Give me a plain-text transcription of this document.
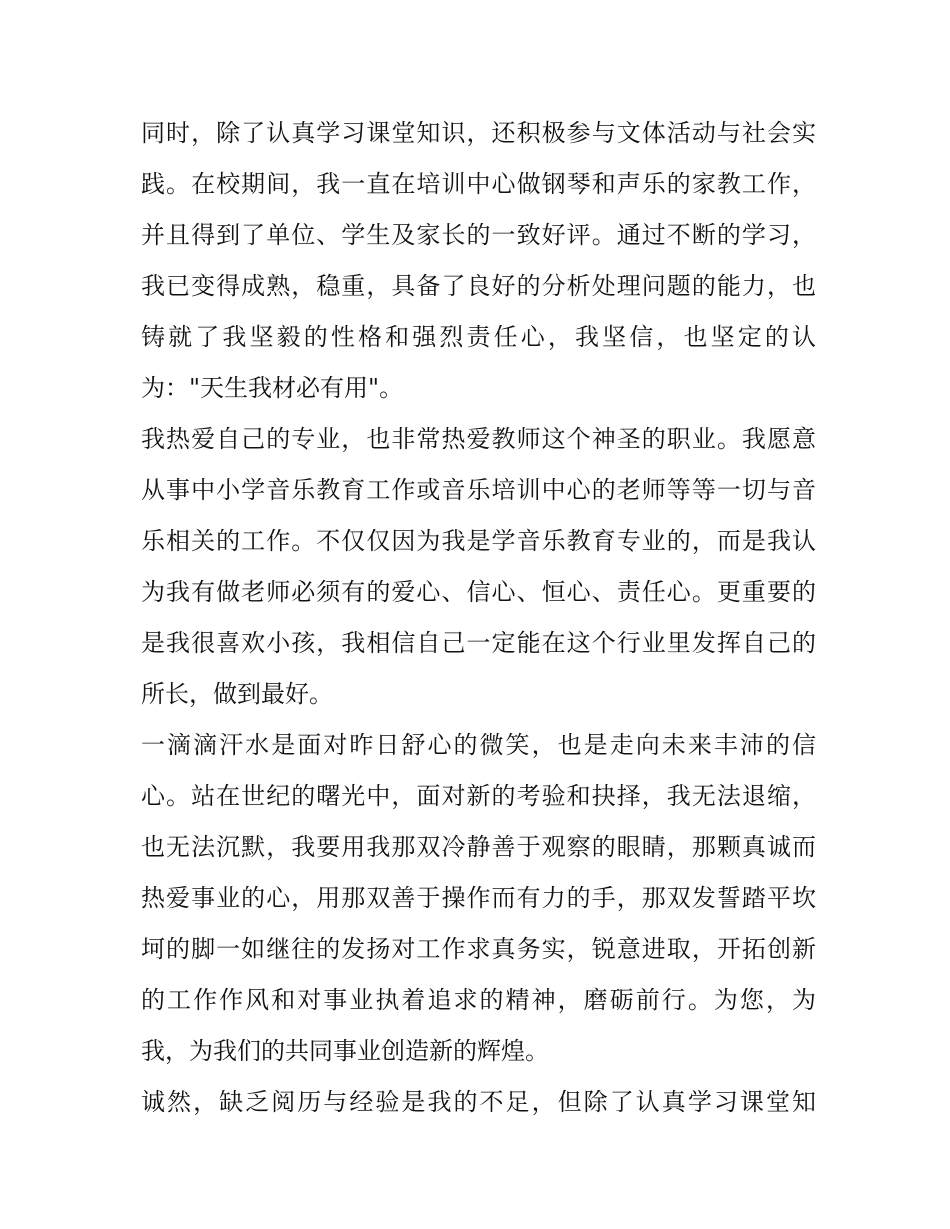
同时，除了认真学习课堂知识，还积极参与文体活动与社会实
践。在校期间，我一直在培训中心做钢琴和声乐的家教工作，
并且得到了单位、学生及家长的一致好评。通过不断的学习，
我已变得成熟，稳重，具备了良好的分析处理问题的能力，也
铸就了我坚毅的性格和强烈责任心，我坚信，也坚定的认
为："天生我材必有用"。
我热爱自己的专业，也非常热爱教师这个神圣的职业。我愿意
从事中小学音乐教育工作或音乐培训中心的老师等等一切与音
乐相关的工作。不仅仅因为我是学音乐教育专业的，而是我认
为我有做老师必须有的爱心、信心、恒心、责任心。更重要的
是我很喜欢小孩，我相信自己一定能在这个行业里发挥自己的
所长，做到最好。
一滴滴汗水是面对昨日舒心的微笑，也是走向未来丰沛的信
心。站在世纪的曙光中，面对新的考验和抉择，我无法退缩，
也无法沉默，我要用我那双冷静善于观察的眼睛，那颗真诚而
热爱事业的心，用那双善于操作而有力的手，那双发誓踏平坎
坷的脚一如继往的发扬对工作求真务实，锐意进取，开拓创新
的工作作风和对事业执着追求的精神，磨砺前行。为您，为
我，为我们的共同事业创造新的辉煌。
诚然，缺乏阅历与经验是我的不足，但除了认真学习课堂知
